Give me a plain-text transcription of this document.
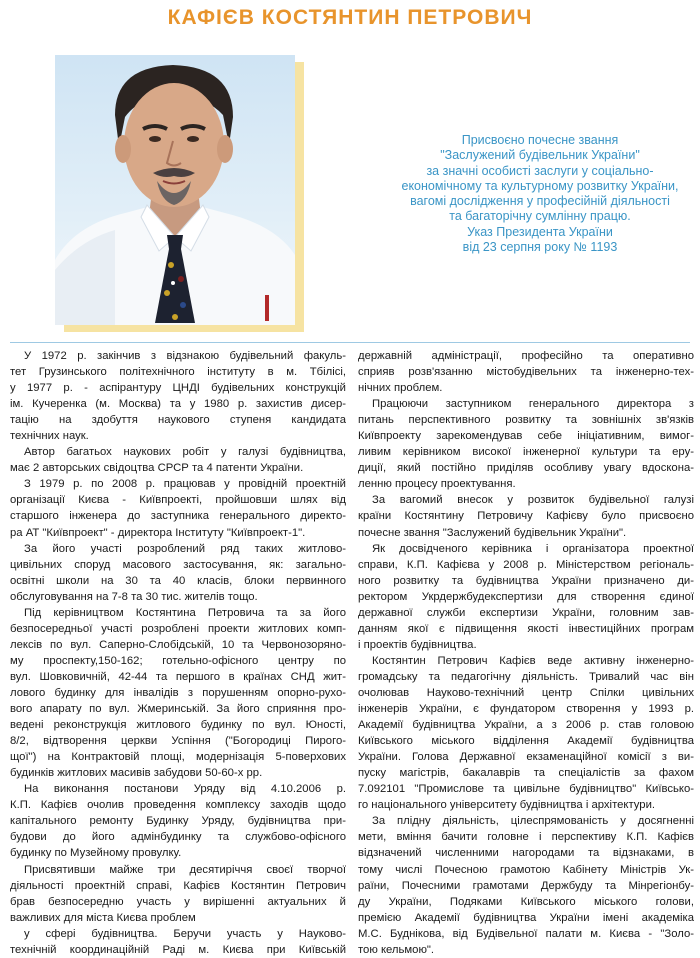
КАФІЄВ КОСТЯНТИН ПЕТРОВИЧ
Присвоєно почесне звання
"Заслужений будівельник України"
за значні особисті заслуги у соціально-
економічному та культурному розвитку України,
вагомі дослідження у професійній діяльності
та багаторічну сумлінну працю.
Указ Президента України
від 23 серпня року № 1193
У 1972 р. закінчив з відзнакою будівельний факуль-
тет Грузинського політехнічного інституту в м. Тбілісі,
у 1977 р. - аспірантуру ЦНДІ будівельних конструкцій
ім. Кучеренка (м. Москва) та у 1980 р. захистив дисер-
тацію на здобуття наукового ступеня кандидата
технічних наук.
Автор багатьох наукових робіт у галузі будівництва,
має 2 авторських свідоцтва СРСР та 4 патенти України.
З 1979 р. по 2008 р. працював у провідній проектній
організації Києва - Київпроекті, пройшовши шлях від
старшого інженера до заступника генерального директо-
ра АТ "Київпроект" - директора Інституту "Київпроект-1".
За його участі розроблений ряд таких житлово-
цивільних споруд масового застосування, як: загально-
освітні школи на 30 та 40 класів, блоки первинного
обслуговування на 7-8 та 30 тис. жителів тощо.
Під керівництвом Костянтина Петровича та за його
безпосередньої участі розроблені проекти житлових комп-
лексів по вул. Саперно-Слобідській, 10 та Червонозоряно-
му проспекту,150-162; готельно-офісного центру по
вул. Шовковичній, 42-44 та першого в країнах СНД жит-
лового будинку для інвалідів з порушенням опорно-рухо-
вого апарату по вул. Жмеринській. За його сприяння про-
ведені реконструкція житлового будинку по вул. Юності,
8/2, відтворення церкви Успіння ("Богородиці Пирого-
щої") на Контрактовій площі, модернізація 5-поверхових
будинків житлових масивів забудови 50-60-х рр.
На виконання постанови Уряду від 4.10.2006 р.
К.П. Кафієв очолив проведення комплексу заходів щодо
капітального ремонту Будинку Уряду, будівництва при-
будови до його адмінбудинку та службово-офісного
будинку по Музейному провулку.
Присвятивши майже три десятиріччя своєї творчої
діяльності проектній справі, Кафієв Костянтин Петрович
брав безпосередню участь у вирішенні актуальних й
важливих для міста Києва проблем
у сфері будівництва. Беручи участь у Науково-
технічній координаційній Раді м. Києва при Київській
державній адміністрації, професійно та оперативно
сприяв розв'язанню містобудівельних та інженерно-тех-
нічних проблем.
Працюючи заступником генерального директора з
питань перспективного розвитку та зовнішніх зв'язків
Київпроекту зарекомендував себе ініціативним, вимог-
ливим керівником високої інженерної культури та еру-
диції, який постійно приділяв особливу увагу вдоскона-
ленню процесу проектування.
За вагомий внесок у розвиток будівельної галузі
країни Костянтину Петровичу Кафієву було присвоєно
почесне звання "Заслужений будівельник України".
Як досвідченого керівника і організатора проектної
справи, К.П. Кафієва у 2008 р. Міністерством регіональ-
ного розвитку та будівництва України призначено ди-
ректором Укрдержбудекспертизи для створення єдиної
державної служби експертизи України, головним зав-
данням якої є підвищення якості інвестиційних програм
і проектів будівництва.
Костянтин Петрович Кафієв веде активну інженерно-
громадську та педагогічну діяльність. Тривалий час він
очолював Науково-технічний центр Спілки цивільних
інженерів України, є фундатором створення у 1993 р.
Академії будівництва України, а з 2006 р. став головою
Київського міського відділення Академії будівництва
України. Голова Державної екзаменаційної комісії з ви-
пуску магістрів, бакалаврів та спеціалістів за фахом
7.092101 "Промислове та цивільне будівництво" Київсько-
го національного університету будівництва і архітектури.
За плідну діяльність, цілеспрямованість у досягненні
мети, вміння бачити головне і перспективу К.П. Кафієв
відзначений численними нагородами та відзнаками, в
тому числі Почесною грамотою Кабінету Міністрів Ук-
раїни, Почесними грамотами Держбуду та Мінрегіонбу-
ду України, Подяками Київського міського голови,
премією Академії будівництва України імені академіка
М.С. Буднікова, від Будівельної палати м. Києва - "Золо-
тою кельмою".
